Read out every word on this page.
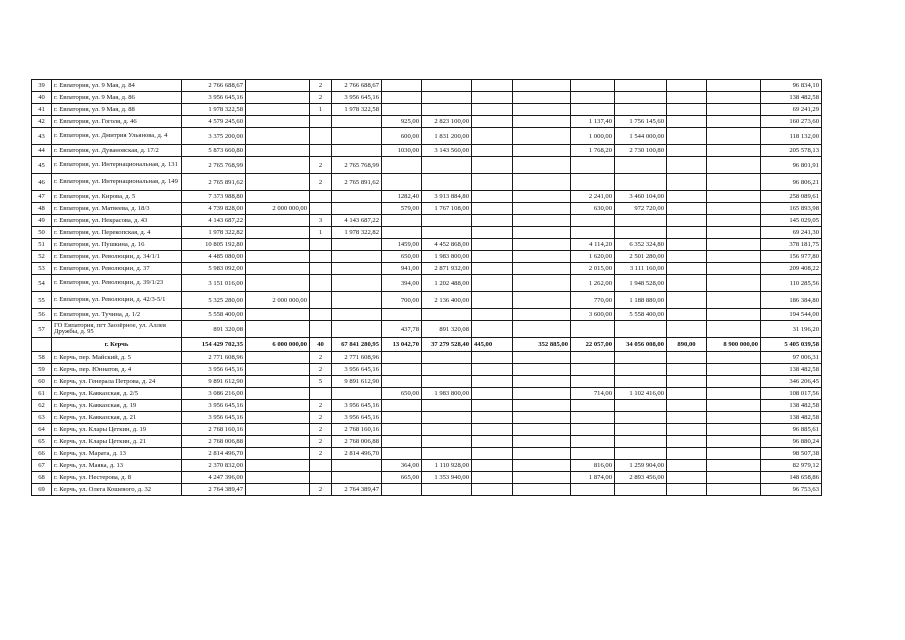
39	г. Евпатория, ул. 9 Мая, д. 84	2 766 688,67		2	2 766 688,67									96 834,10
40	г. Евпатория, ул. 9 Мая, д. 86	3 956 645,16		2	3 956 645,16									138 482,58
41	г. Евпатория, ул. 9 Мая, д. 88	1 978 322,58		1	1 978 322,58									69 241,29
42	г. Евпатория, ул. Гоголя, д. 46	4 579 245,60				925,00	2 823 100,00			1 137,40	1 756 145,60			160 273,60
43	г. Евпатория, ул. Дмитрия Ульянова, д. 4	3 375 200,00				600,00	1 831 200,00			1 000,00	1 544 000,00			118 132,00
44	г. Евпатория, ул. Дувановская, д. 17/2	5 873 660,80				1030,00	3 143 560,00			1 768,20	2 730 100,80			205 578,13
45	г. Евпатория, ул. Интернациональная, д. 131	2 765 768,99		2	2 765 768,99									96 801,91
46	г. Евпатория, ул. Интернациональная, д. 149	2 765 891,62		2	2 765 891,62									96 806,21
47	г. Евпатория, ул. Кирова, д. 5	7 373 988,80				1282,40	3 913 884,80			2 241,00	3 460 104,00			258 089,61
48	г. Евпатория, ул. Матвеева, д. 18/3	4 739 828,00	2 000 000,00			579,00	1 767 108,00			630,00	972 720,00			165 893,98
49	г. Евпатория, ул. Некрасова, д. 43	4 143 687,22		3	4 143 687,22									145 029,05
50	г. Евпатория, ул. Перекопская, д. 4	1 978 322,82		1	1 978 322,82									69 241,30
51	г. Евпатория, ул. Пушкина, д. 16	10 805 192,80				1459,00	4 452 868,00			4 114,20	6 352 324,80			378 181,75
52	г. Евпатория, ул. Революции, д. 34/1/1	4 485 080,00				650,00	1 983 800,00			1 620,00	2 501 280,00			156 977,80
53	г. Евпатория, ул. Революции, д. 37	5 983 092,00				941,00	2 871 932,00			2 015,00	3 111 160,00			209 408,22
54	г. Евпатория, ул. Революции, д. 39/1/23	3 151 016,00				394,00	1 202 488,00			1 262,00	1 948 528,00			110 285,56
55	г. Евпатория, ул. Революции, д. 42/3-5/1	5 325 280,00	2 000 000,00			700,00	2 136 400,00			770,00	1 188 880,00			186 384,80
56	г. Евпатория, ул. Тучина, д. 1/2	5 558 400,00								3 600,00	5 558 400,00			194 544,00
57	ГО Евпатория, пгт Заозёрное, ул. Аллея Дружбы, д. 95	891 320,08				437,78	891 320,08							31 196,20
	г. Керчь	154 429 702,35	6 000 000,00	40	67 841 280,95	13 042,70	37 279 528,40	445,00	352 885,00	22 057,00	34 056 008,00	890,00	8 900 000,00	5 405 039,58
58	г. Керчь, пер. Майский, д. 5	2 771 608,96		2	2 771 608,96									97 006,31
59	г. Керчь, пер. Юннатов, д. 4	3 956 645,16		2	3 956 645,16									138 482,58
60	г. Керчь, ул. Генерала Петрова, д. 24	9 891 612,90		5	9 891 612,90									346 206,45
61	г. Керчь, ул. Кавказская, д. 2/5	3 086 216,00				650,00	1 983 800,00			714,00	1 102 416,00			108 017,56
62	г. Керчь, ул. Кавказская, д. 19	3 956 645,16		2	3 956 645,16									138 482,58
63	г. Керчь, ул. Кавказская, д. 21	3 956 645,16		2	3 956 645,16									138 482,58
64	г. Керчь, ул. Клары Цеткин, д. 19	2 768 160,16		2	2 768 160,16									96 885,61
65	г. Керчь, ул. Клары Цеткин, д. 21	2 768 006,88		2	2 768 006,88									96 880,24
66	г. Керчь, ул. Марата, д. 13	2 814 496,70		2	2 814 496,70									98 507,38
67	г. Керчь, ул. Маяка, д. 13	2 370 832,00				364,00	1 110 928,00			816,00	1 259 904,00			82 979,12
68	г. Керчь, ул. Нестерова, д. 8	4 247 396,00				665,00	1 353 940,00			1 874,00	2 893 456,00			148 658,86
69	г. Керчь, ул. Олега Кошевого, д. 32	2 764 389,47		2	2 764 389,47									96 753,63
